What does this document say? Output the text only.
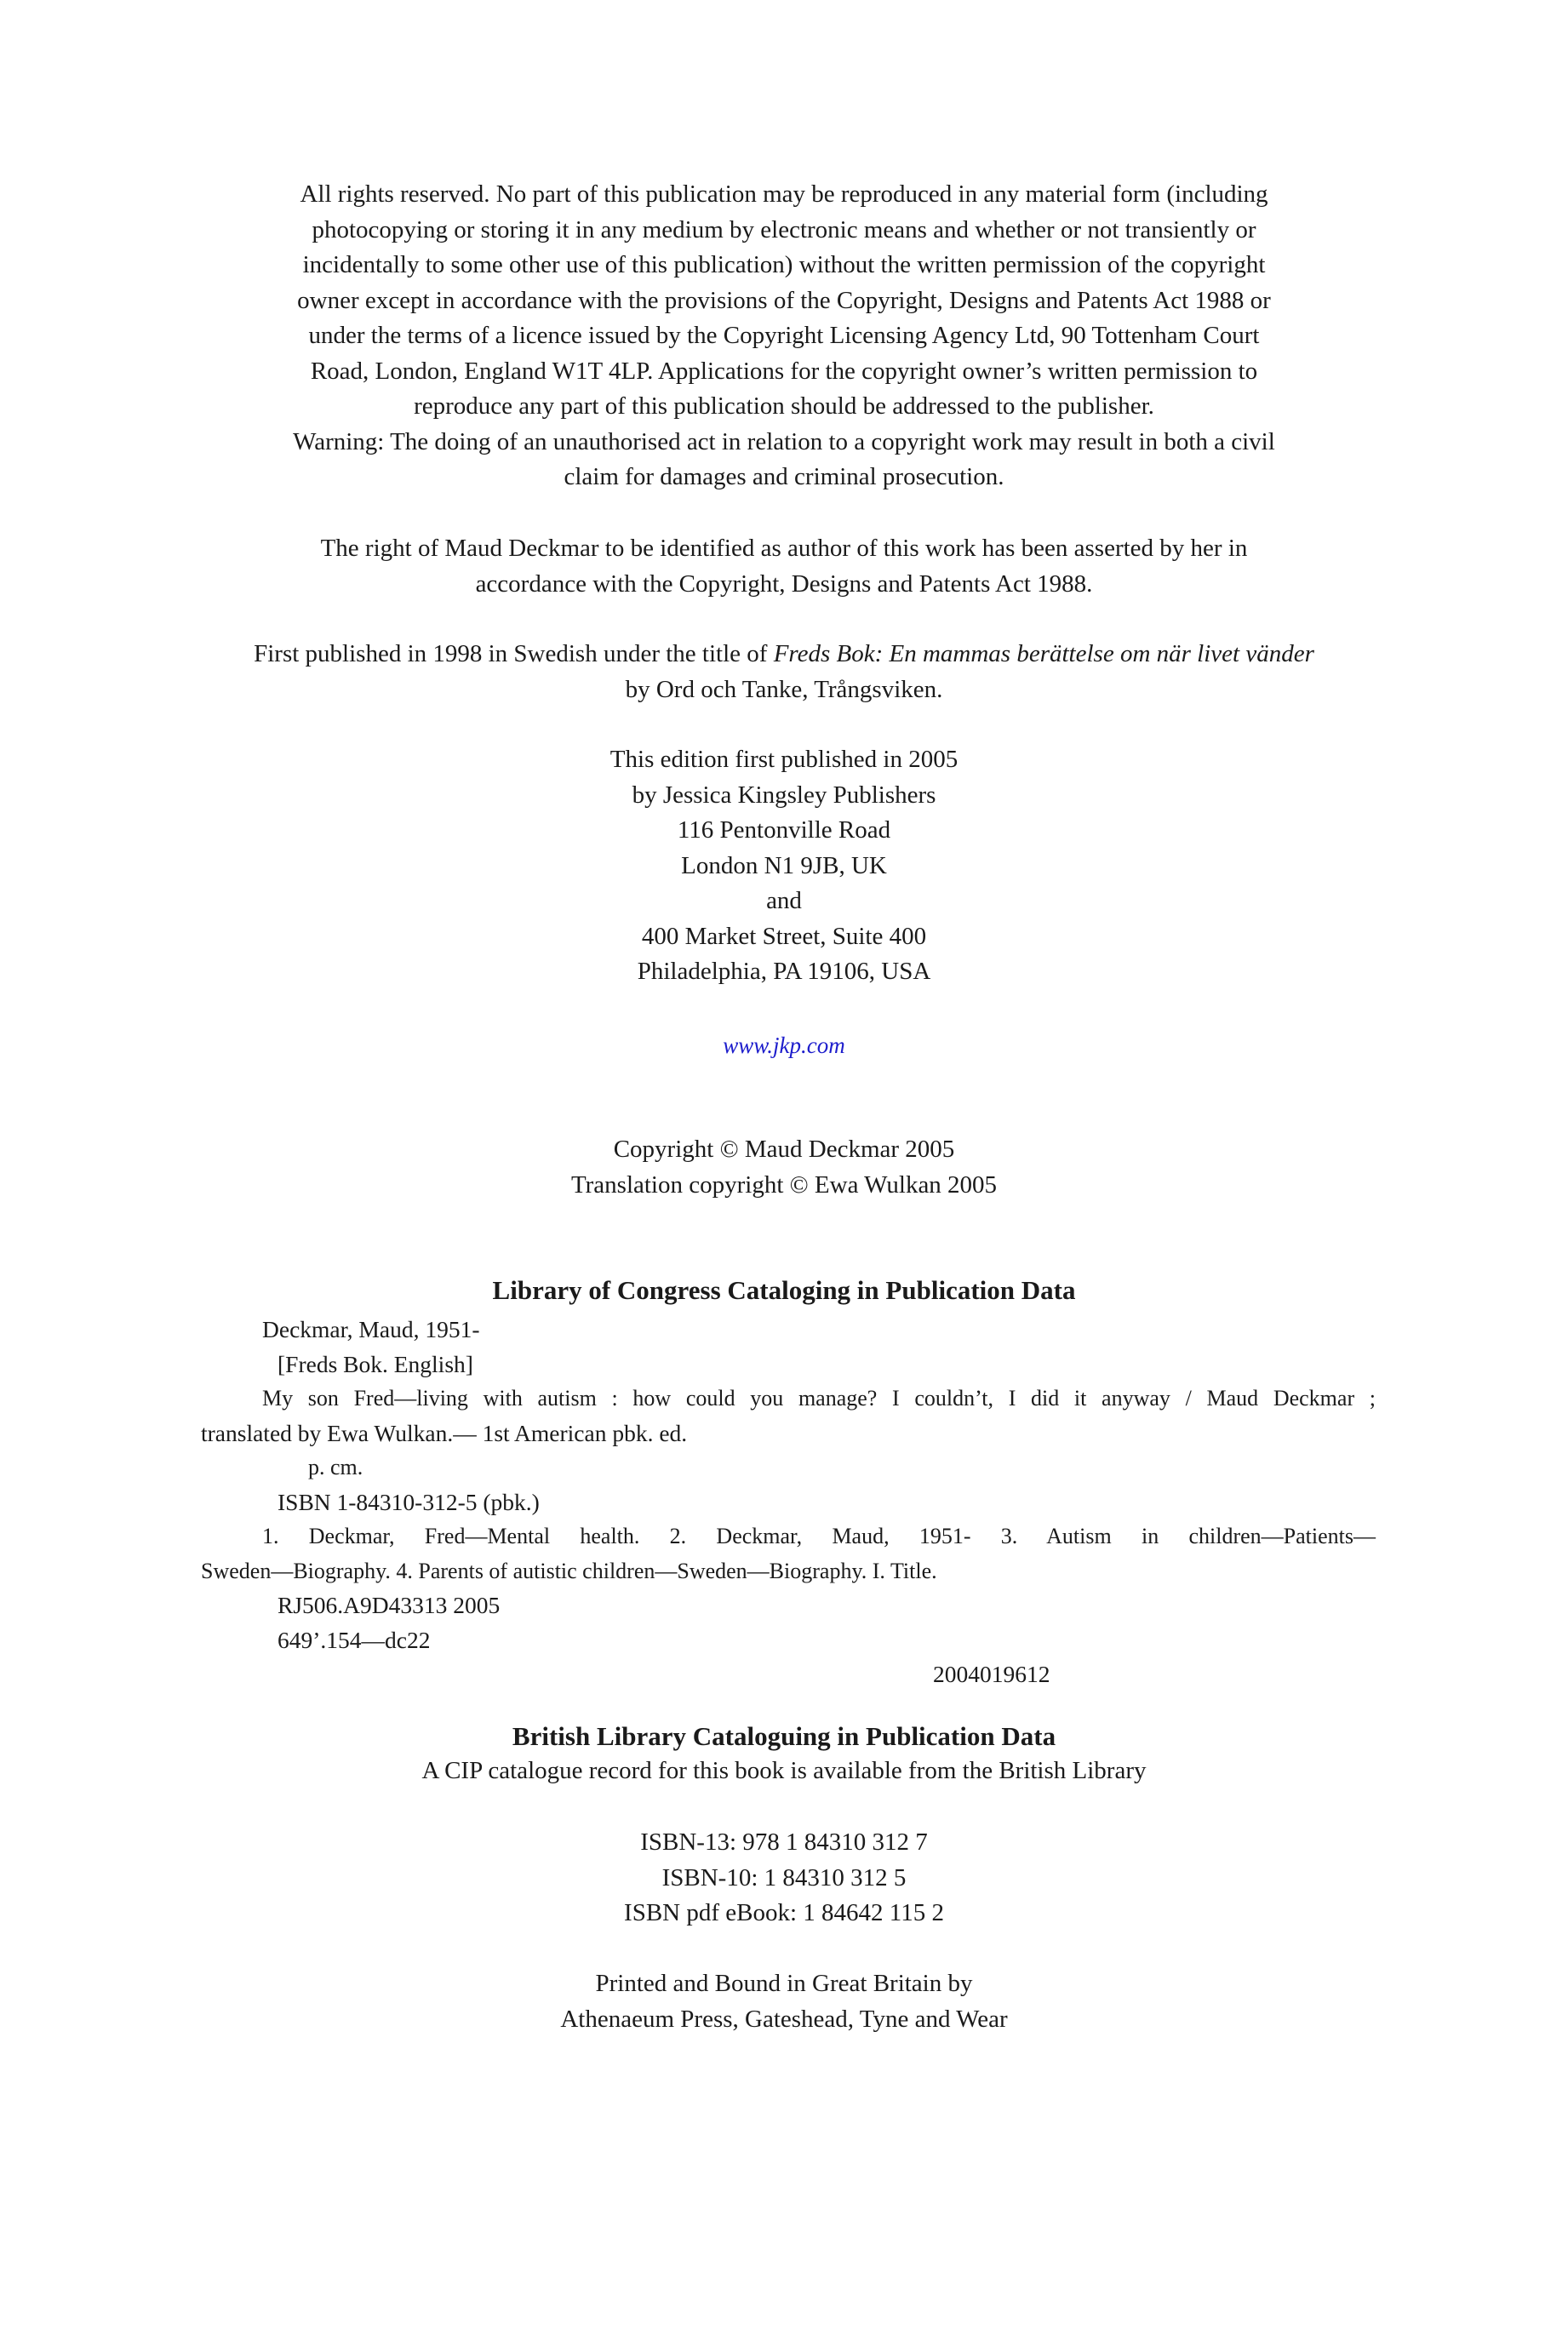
All rights reserved. No part of this publication may be reproduced in any material form (including
photocopying or storing it in any medium by electronic means and whether or not transiently or
incidentally to some other use of this publication) without the written permission of the copyright
owner except in accordance with the provisions of the Copyright, Designs and Patents Act 1988 or
under the terms of a licence issued by the Copyright Licensing Agency Ltd, 90 Tottenham Court
Road, London, England W1T 4LP. Applications for the copyright owner’s written permission to
reproduce any part of this publication should be addressed to the publisher.
Warning: The doing of an unauthorised act in relation to a copyright work may result in both a civil
claim for damages and criminal prosecution.

The right of Maud Deckmar to be identified as author of this work has been asserted by her in
accordance with the Copyright, Designs and Patents Act 1988.

First published in 1998 in Swedish under the title of Freds Bok: En mammas berättelse om när livet vänder
by Ord och Tanke, Trångsviken.

This edition first published in 2005
by Jessica Kingsley Publishers
116 Pentonville Road
London N1 9JB, UK
and
400 Market Street, Suite 400
Philadelphia, PA 19106, USA

www.jkp.com

Copyright © Maud Deckmar 2005
Translation copyright © Ewa Wulkan 2005

Library of Congress Cataloging in Publication Data

Deckmar, Maud, 1951-
[Freds Bok. English]
My son Fred—living with autism : how could you manage? I couldn’t, I did it anyway / Maud Deckmar ;
translated by Ewa Wulkan.— 1st American pbk. ed.
p. cm.
ISBN 1-84310-312-5 (pbk.)
1. Deckmar, Fred—Mental health. 2. Deckmar, Maud, 1951- 3. Autism in children—Patients—
Sweden—Biography. 4. Parents of autistic children—Sweden—Biography. I. Title.
RJ506.A9D43313 2005
649’.154—dc22
2004019612

British Library Cataloguing in Publication Data

A CIP catalogue record for this book is available from the British Library

ISBN-13: 978 1 84310 312 7
ISBN-10: 1 84310 312 5
ISBN pdf eBook: 1 84642 115 2

Printed and Bound in Great Britain by
Athenaeum Press, Gateshead, Tyne and Wear
